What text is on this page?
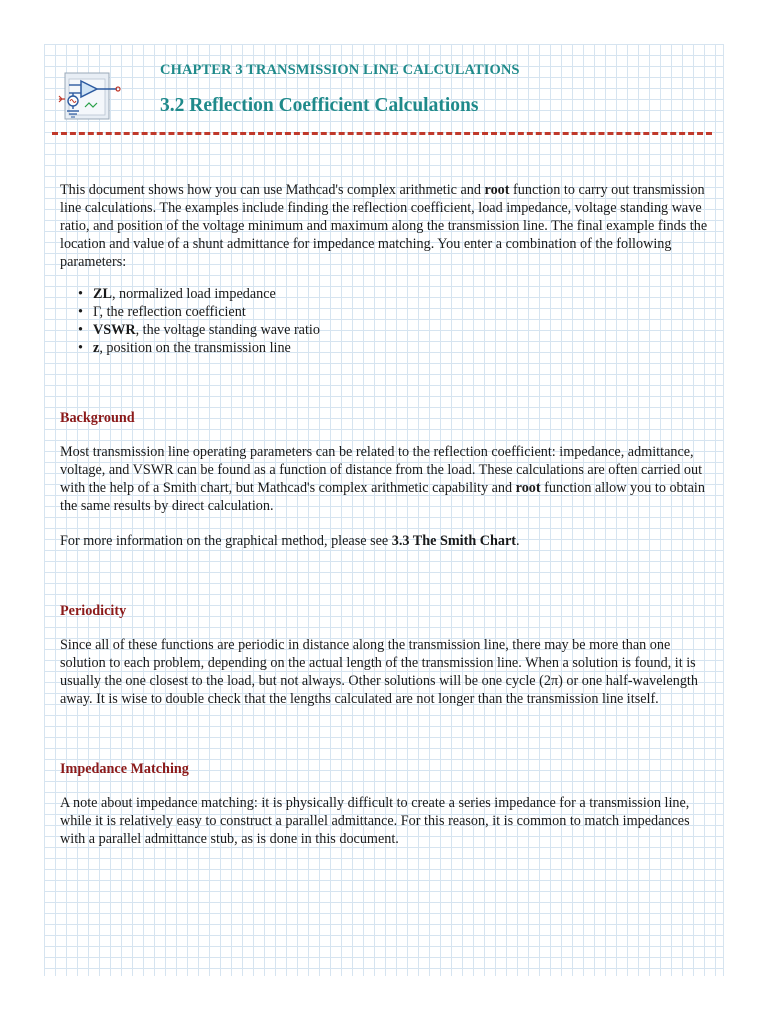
CHAPTER 3 TRANSMISSION LINE CALCULATIONS
3.2 Reflection Coefficient Calculations

This document shows how you can use Mathcad's complex arithmetic and root function to carry out transmission line calculations. The examples include finding the reflection coefficient, load impedance, voltage standing wave ratio, and position of the voltage minimum and maximum along the transmission line. The final example finds the location and value of a shunt admittance for impedance matching. You enter a combination of the following parameters:

• ZL, normalized load impedance
• Γ, the reflection coefficient
• VSWR, the voltage standing wave ratio
• z, position on the transmission line

Background

Most transmission line operating parameters can be related to the reflection coefficient: impedance, admittance, voltage, and VSWR can be found as a function of distance from the load. These calculations are often carried out with the help of a Smith chart, but Mathcad's complex arithmetic capability and root function allow you to obtain the same results by direct calculation.

For more information on the graphical method, please see 3.3 The Smith Chart.

Periodicity

Since all of these functions are periodic in distance along the transmission line, there may be more than one solution to each problem, depending on the actual length of the transmission line. When a solution is found, it is usually the one closest to the load, but not always. Other solutions will be one cycle (2π) or one half-wavelength away. It is wise to double check that the lengths calculated are not longer than the transmission line itself.

Impedance Matching

A note about impedance matching: it is physically difficult to create a series impedance for a transmission line, while it is relatively easy to construct a parallel admittance. For this reason, it is common to match impedances with a parallel admittance stub, as is done in this document.
